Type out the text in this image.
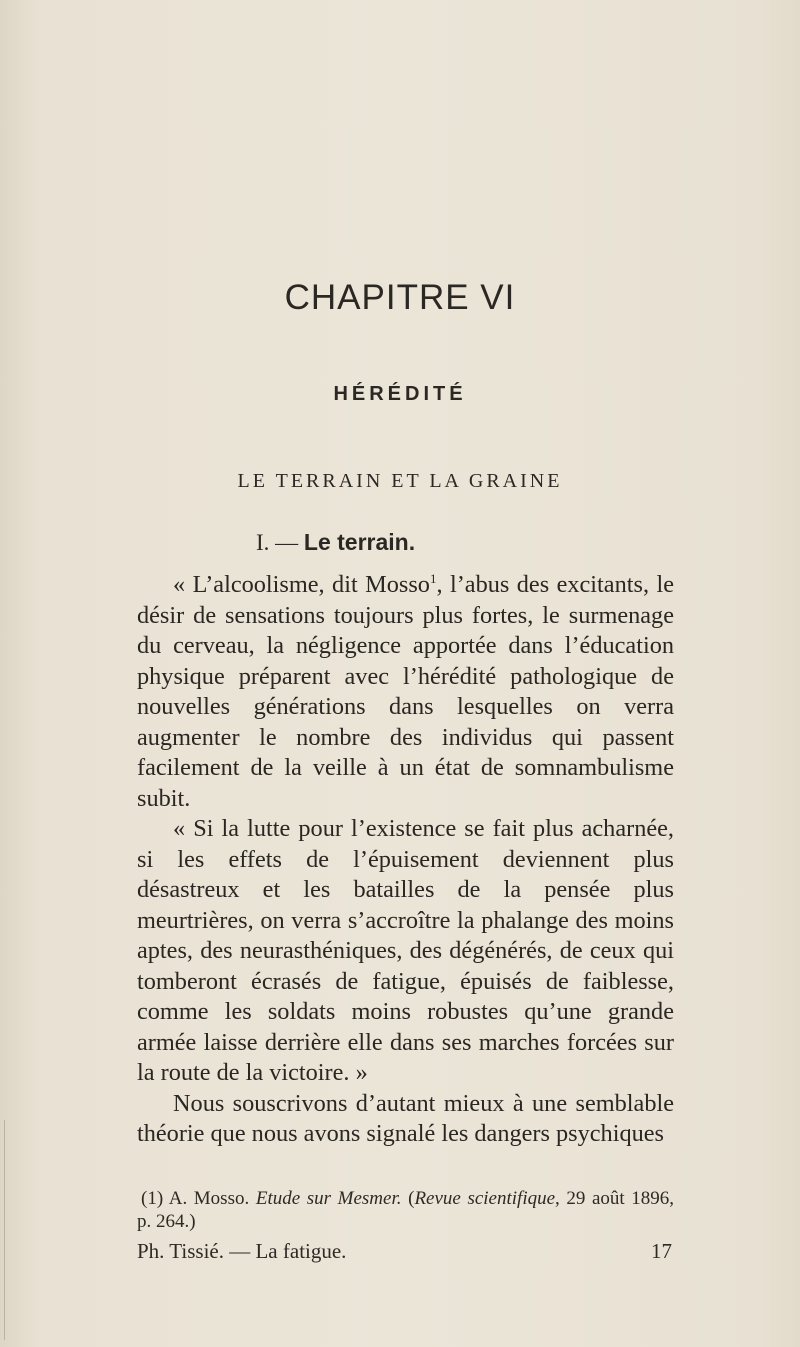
CHAPITRE VI
HÉRÉDITÉ
LE TERRAIN ET LA GRAINE
I. — Le terrain.

« L’alcoolisme, dit Mosso$^1$, l’abus des excitants, le désir de sensations toujours plus fortes, le surmenage du cerveau, la négligence apportée dans l’éducation physique préparent avec l’hérédité pathologique de nouvelles générations dans lesquelles on verra augmenter le nombre des individus qui passent facilement de la veille à un état de somnambulisme subit.

« Si la lutte pour l’existence se fait plus acharnée, si les effets de l’épuisement deviennent plus désastreux et les batailles de la pensée plus meurtrières, on verra s’accroître la phalange des moins aptes, des neurasthéniques, des dégénérés, de ceux qui tomberont écrasés de fatigue, épuisés de faiblesse, comme les soldats moins robustes qu’une grande armée laisse derrière elle dans ses marches forcées sur la route de la victoire. »

Nous souscrivons d’autant mieux à une semblable théorie que nous avons signalé les dangers psychiques

(1) A. Mosso. Etude sur Mesmer. (Revue scientifique, 29 août 1896, p. 264.)
Ph. Tissié. — La fatigue.	17
